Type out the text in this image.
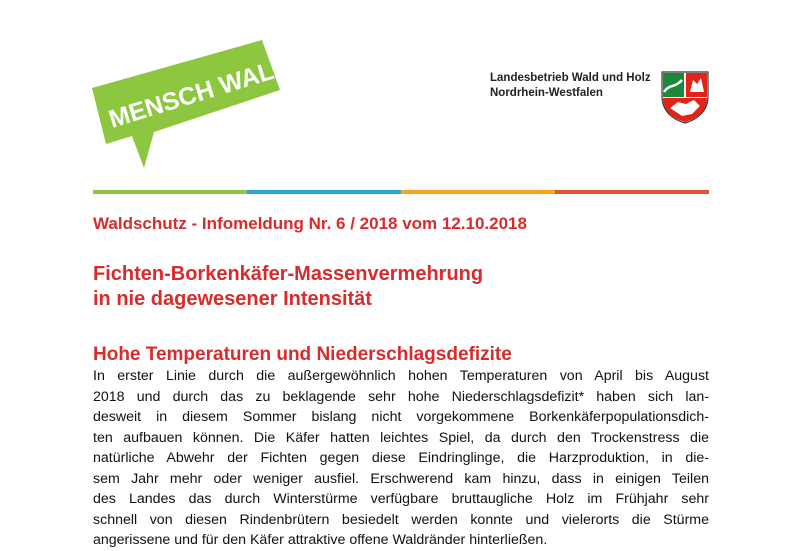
MENSCH WALD!	Landesbetrieb Wald und Holz
Nordrhein-Westfalen
Waldschutz - Infomeldung Nr. 6 / 2018 vom 12.10.2018
Fichten-Borkenkäfer-Massenvermehrung
in nie dagewesener Intensität
Hohe Temperaturen und Niederschlagsdefizite
In erster Linie durch die außergewöhnlich hohen Temperaturen von April bis August
2018 und durch das zu beklagende sehr hohe Niederschlagsdefizit* haben sich lan-
desweit in diesem Sommer bislang nicht vorgekommene Borkenkäferpopulationsdich-
ten aufbauen können. Die Käfer hatten leichtes Spiel, da durch den Trockenstress die
natürliche Abwehr der Fichten gegen diese Eindringlinge, die Harzproduktion, in die-
sem Jahr mehr oder weniger ausfiel. Erschwerend kam hinzu, dass in einigen Teilen
des Landes das durch Winterstürme verfügbare bruttaugliche Holz im Frühjahr sehr
schnell von diesen Rindenbrütern besiedelt werden konnte und vielerorts die Stürme
angerissene und für den Käfer attraktive offene Waldränder hinterließen.
